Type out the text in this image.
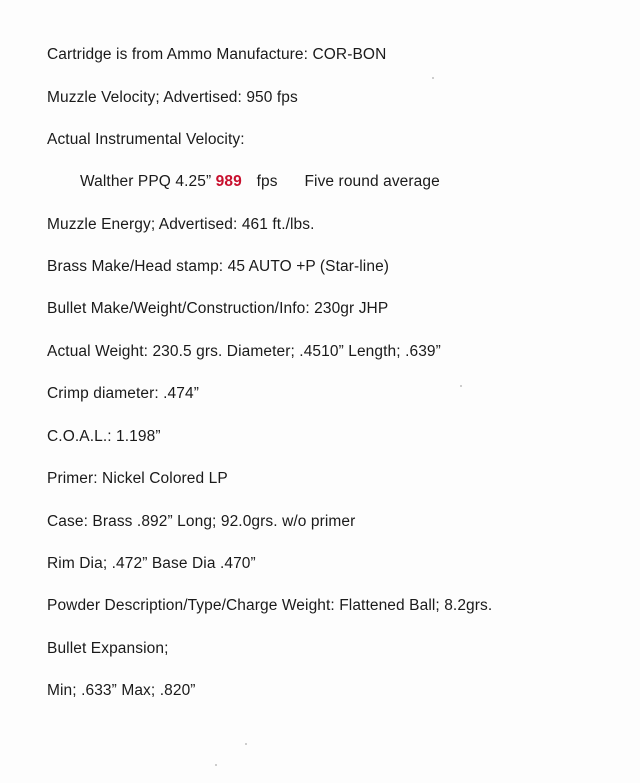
Cartridge is from Ammo Manufacture: COR-BON
Muzzle Velocity; Advertised: 950 fps
Actual Instrumental Velocity:
Walther PPQ 4.25” 989 fps Five round average
Muzzle Energy; Advertised: 461 ft./lbs.
Brass Make/Head stamp: 45 AUTO +P (Star-line)
Bullet Make/Weight/Construction/Info: 230gr JHP
Actual Weight: 230.5 grs. Diameter; .4510” Length; .639”
Crimp diameter: .474”
C.O.A.L.: 1.198”
Primer: Nickel Colored LP
Case: Brass .892” Long; 92.0grs. w/o primer
Rim Dia; .472” Base Dia .470”
Powder Description/Type/Charge Weight: Flattened Ball; 8.2grs.
Bullet Expansion;
Min; .633” Max; .820”
